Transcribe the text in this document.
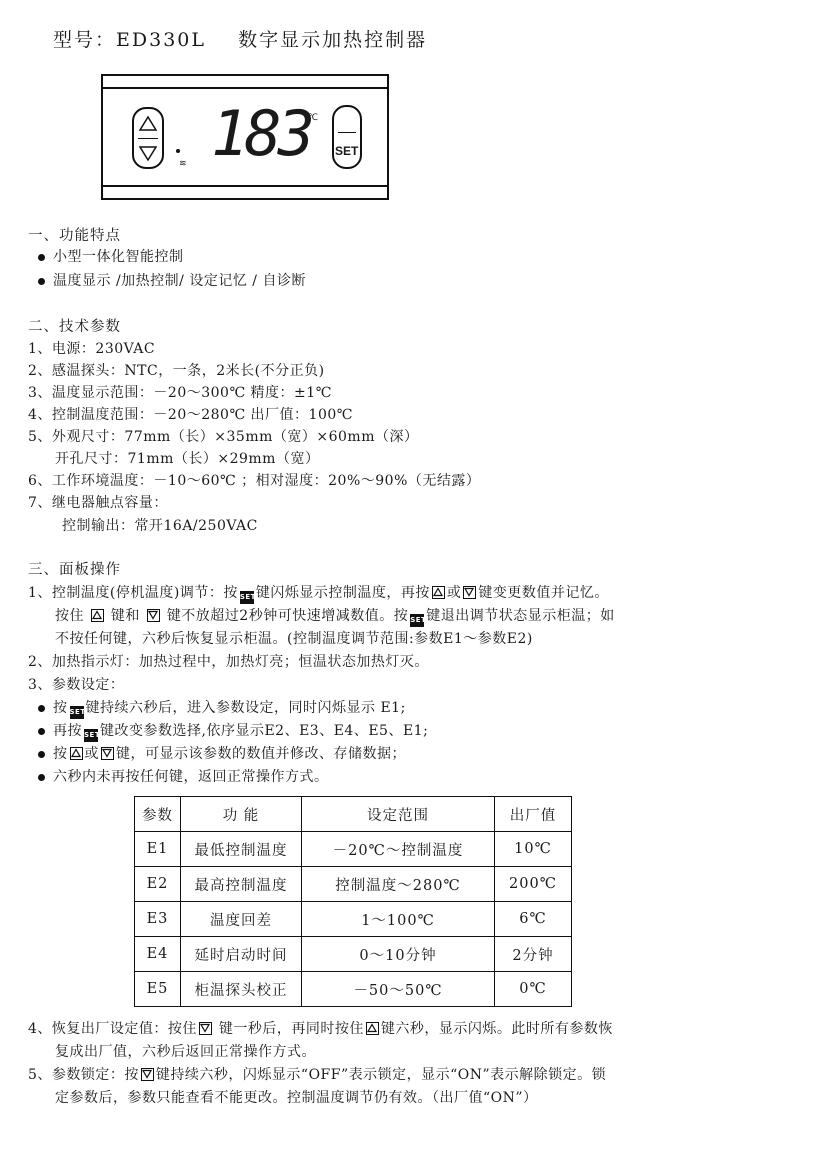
型号：ED330L 数字显示加热控制器
≋ 183
℃
SET
一、功能特点
小型一体化智能控制
温度显示 /加热控制/ 设定记忆 / 自诊断
二、技术参数
1、电源：230VAC
2、感温探头：NTC，一条，2米长(不分正负)
3、温度显示范围：－20～300℃ 精度：±1℃
4、控制温度范围：－20～280℃ 出厂值：100℃
5、外观尺寸：77mm（长）×35mm（宽）×60mm（深）
开孔尺寸：71mm（长）×29mm（宽）
6、工作环境温度：－10～60℃ ；相对湿度：20%～90%（无结露）
7、继电器触点容量：
控制输出：常开16A/250VAC
三、面板操作
1、控制温度(停机温度)调节：按 SET键闪烁显示控制温度，再按 或 键变更数值并记忆。
按住 键和 键不放超过2秒钟可快速增减数值。按 SET键退出调节状态显示柜温；如
不按任何键，六秒后恢复显示柜温。(控制温度调节范围:参数E1～参数E2)
2、加热指示灯：加热过程中，加热灯亮；恒温状态加热灯灭。
3、参数设定：
按 SET键持续六秒后，进入参数设定，同时闪烁显示 E1;
再按 SET键改变参数选择,依序显示E2、E3、E4、E5、E1;
按 或 键，可显示该参数的数值并修改、存储数据；
六秒内未再按任何键，返回正常操作方式。
参数	功 能	设定范围	出厂值
E1	最低控制温度	－20℃～控制温度	10℃
E2	最高控制温度	控制温度～280℃	200℃
E3	温度回差	1～100℃	6℃
E4	延时启动时间	0～10分钟	2分钟
E5	柜温探头校正	－50～50℃	0℃
4、恢复出厂设定值：按住 键一秒后，再同时按住 键六秒，显示闪烁。此时所有参数恢
复成出厂值，六秒后返回正常操作方式。
5、参数锁定：按 键持续六秒，闪烁显示“OFF”表示锁定，显示“ON”表示解除锁定。锁
定参数后，参数只能查看不能更改。控制温度调节仍有效。（出厂值“ON”）
